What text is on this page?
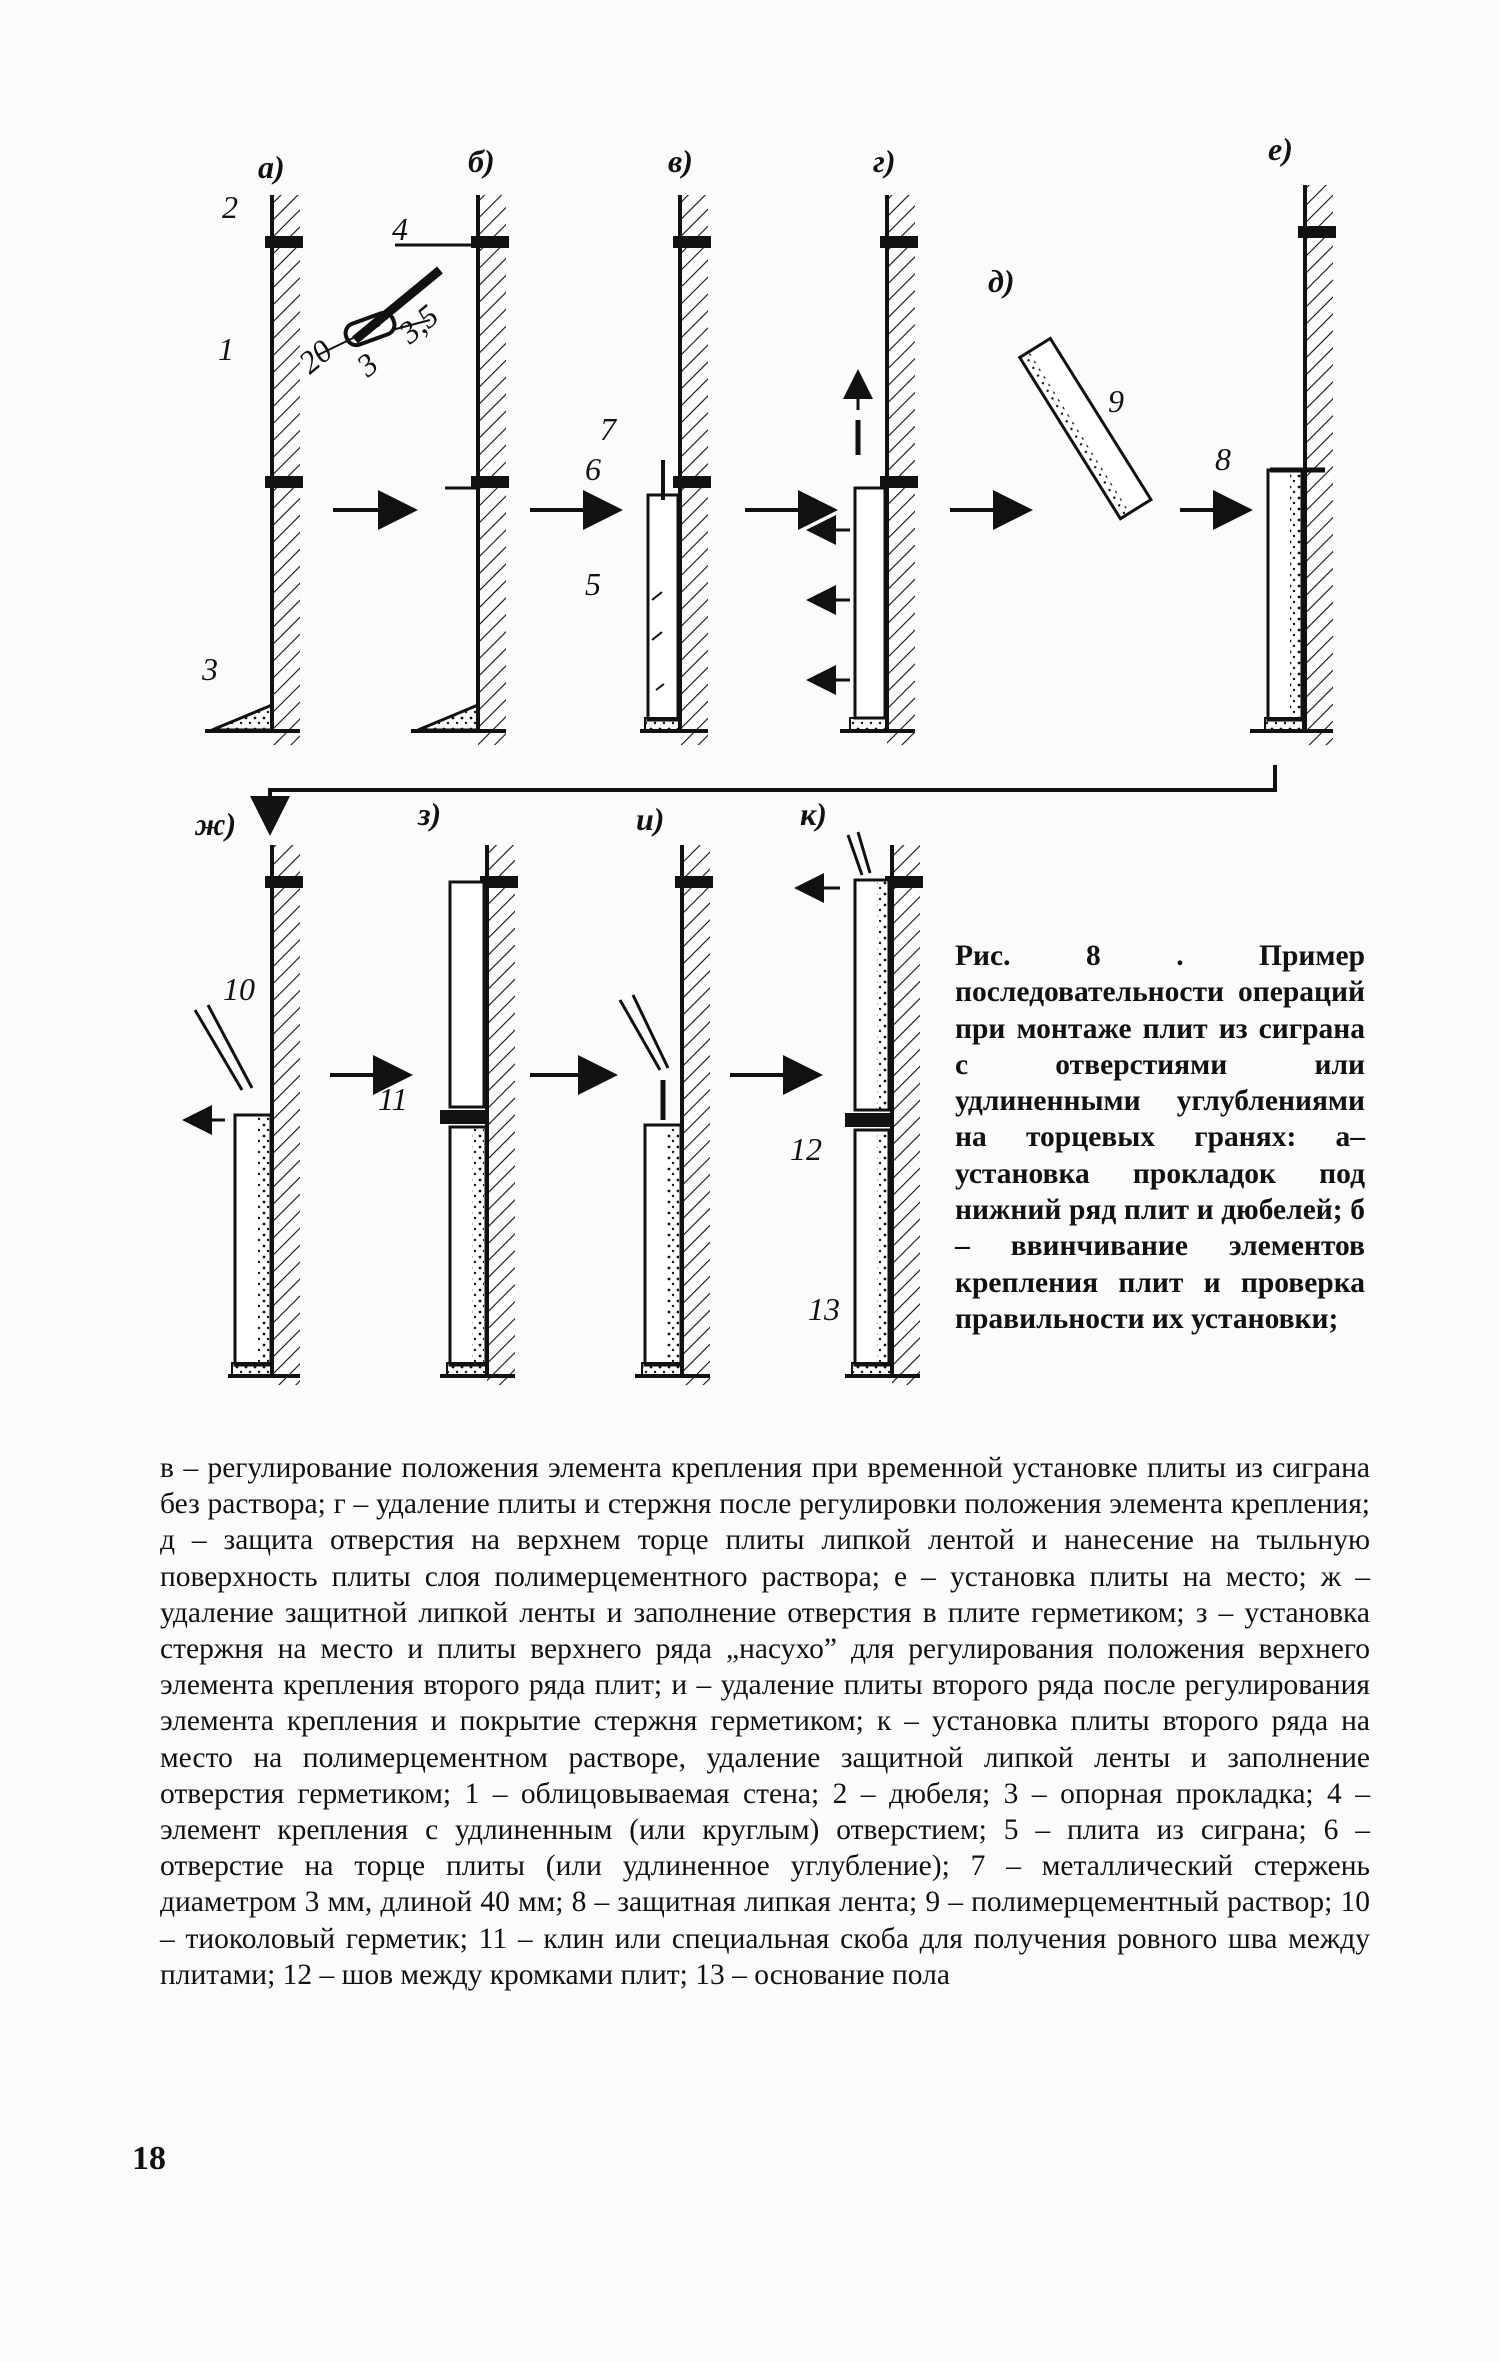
а)	б)	в)	г)
д)
е)
ж)	з)	и)	к)
2
1
3
4
5
6
7
8
9
10
11
12
13
20 3
3,5
Рис. 8 . Пример последовательности операций при монтаже плит из сиграна с отверстиями или удлиненными углублениями на торцевых гранях: а– установка прокладок под нижний ряд плит и дюбелей; б – ввинчивание элементов крепления плит и проверка правильности их установки;

в – регулирование положения элемента крепления при временной установке плиты из сиграна без раствора; г – удаление плиты и стержня после регулировки положения элемента крепления; д – защита отверстия на верхнем торце плиты липкой лентой и нанесение на тыльную поверхность плиты слоя полимерцементного раствора; е – установка плиты на место; ж – удаление защитной липкой ленты и заполнение отверстия в плите герметиком; з – установка стержня на место и плиты верхнего ряда „насухо” для регулирования положения верхнего элемента крепления второго ряда плит; и – удаление плиты второго ряда после регулирования элемента крепления и покрытие стержня герметиком; к – установка плиты второго ряда на место на полимерцементном растворе, удаление защитной липкой ленты и заполнение отверстия герметиком; 1 – облицовываемая стена; 2 – дюбеля; 3 – опорная прокладка; 4 – элемент крепления с удлиненным (или круглым) отверстием; 5 – плита из сиграна; 6 – отверстие на торце плиты (или удлиненное углубление); 7 – металлический стержень диаметром 3 мм, длиной 40 мм; 8 – защитная липкая лента; 9 – полимерцементный раствор; 10 – тиоколовый герметик; 11 – клин или специальная скоба для получения ровного шва между плитами; 12 – шов между кромками плит; 13 – основание пола

18
